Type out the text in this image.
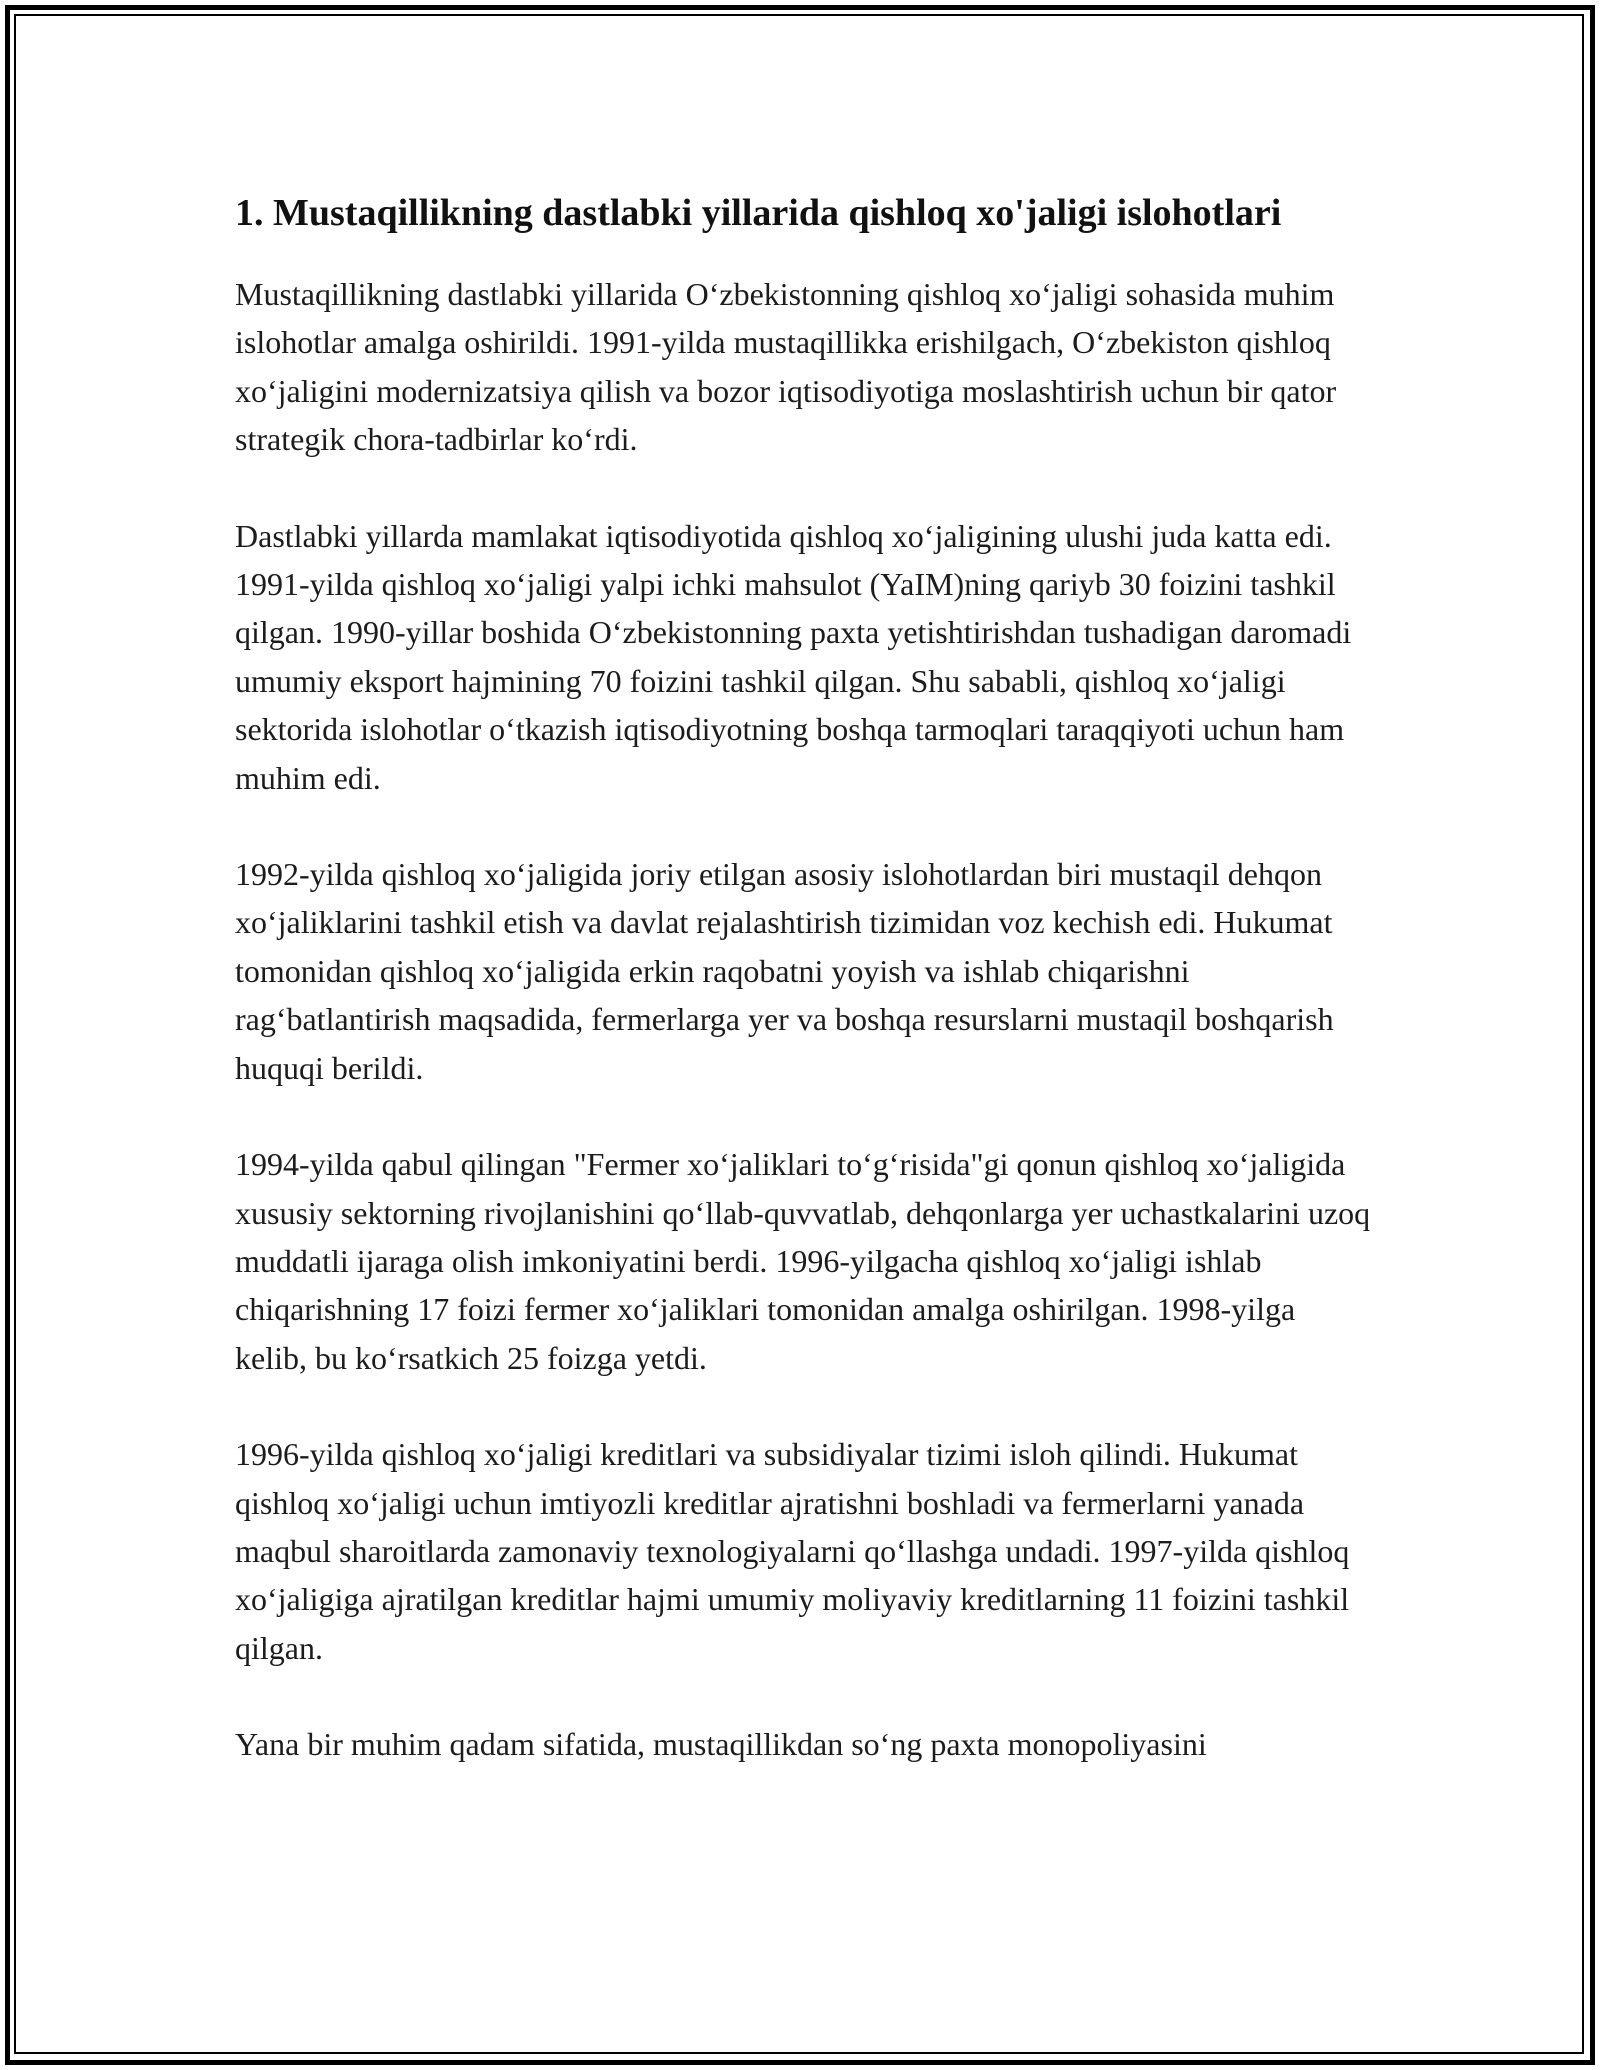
1. Mustaqillikning dastlabki yillarida qishloq xo'jaligi islohotlari

Mustaqillikning dastlabki yillarida O‘zbekistonning qishloq xo‘jaligi sohasida muhim islohotlar amalga oshirildi. 1991-yilda mustaqillikka erishilgach, O‘zbekiston qishloq xo‘jaligini modernizatsiya qilish va bozor iqtisodiyotiga moslashtirish uchun bir qator strategik chora-tadbirlar ko‘rdi.

Dastlabki yillarda mamlakat iqtisodiyotida qishloq xo‘jaligining ulushi juda katta edi. 1991-yilda qishloq xo‘jaligi yalpi ichki mahsulot (YaIM)ning qariyb 30 foizini tashkil qilgan. 1990-yillar boshida O‘zbekistonning paxta yetishtirishdan tushadigan daromadi umumiy eksport hajmining 70 foizini tashkil qilgan. Shu sababli, qishloq xo‘jaligi sektorida islohotlar o‘tkazish iqtisodiyotning boshqa tarmoqlari taraqqiyoti uchun ham muhim edi.

1992-yilda qishloq xo‘jaligida joriy etilgan asosiy islohotlardan biri mustaqil dehqon xo‘jaliklarini tashkil etish va davlat rejalashtirish tizimidan voz kechish edi. Hukumat tomonidan qishloq xo‘jaligida erkin raqobatni yoyish va ishlab chiqarishni rag‘batlantirish maqsadida, fermerlarga yer va boshqa resurslarni mustaqil boshqarish huquqi berildi.

1994-yilda qabul qilingan "Fermer xo‘jaliklari to‘g‘risida"gi qonun qishloq xo‘jaligida xususiy sektorning rivojlanishini qo‘llab-quvvatlab, dehqonlarga yer uchastkalarini uzoq muddatli ijaraga olish imkoniyatini berdi. 1996-yilgacha qishloq xo‘jaligi ishlab chiqarishning 17 foizi fermer xo‘jaliklari tomonidan amalga oshirilgan. 1998-yilga kelib, bu ko‘rsatkich 25 foizga yetdi.

1996-yilda qishloq xo‘jaligi kreditlari va subsidiyalar tizimi isloh qilindi. Hukumat qishloq xo‘jaligi uchun imtiyozli kreditlar ajratishni boshladi va fermerlarni yanada maqbul sharoitlarda zamonaviy texnologiyalarni qo‘llashga undadi. 1997-yilda qishloq xo‘jaligiga ajratilgan kreditlar hajmi umumiy moliyaviy kreditlarning 11 foizini tashkil qilgan.

Yana bir muhim qadam sifatida, mustaqillikdan so‘ng paxta monopoliyasini
